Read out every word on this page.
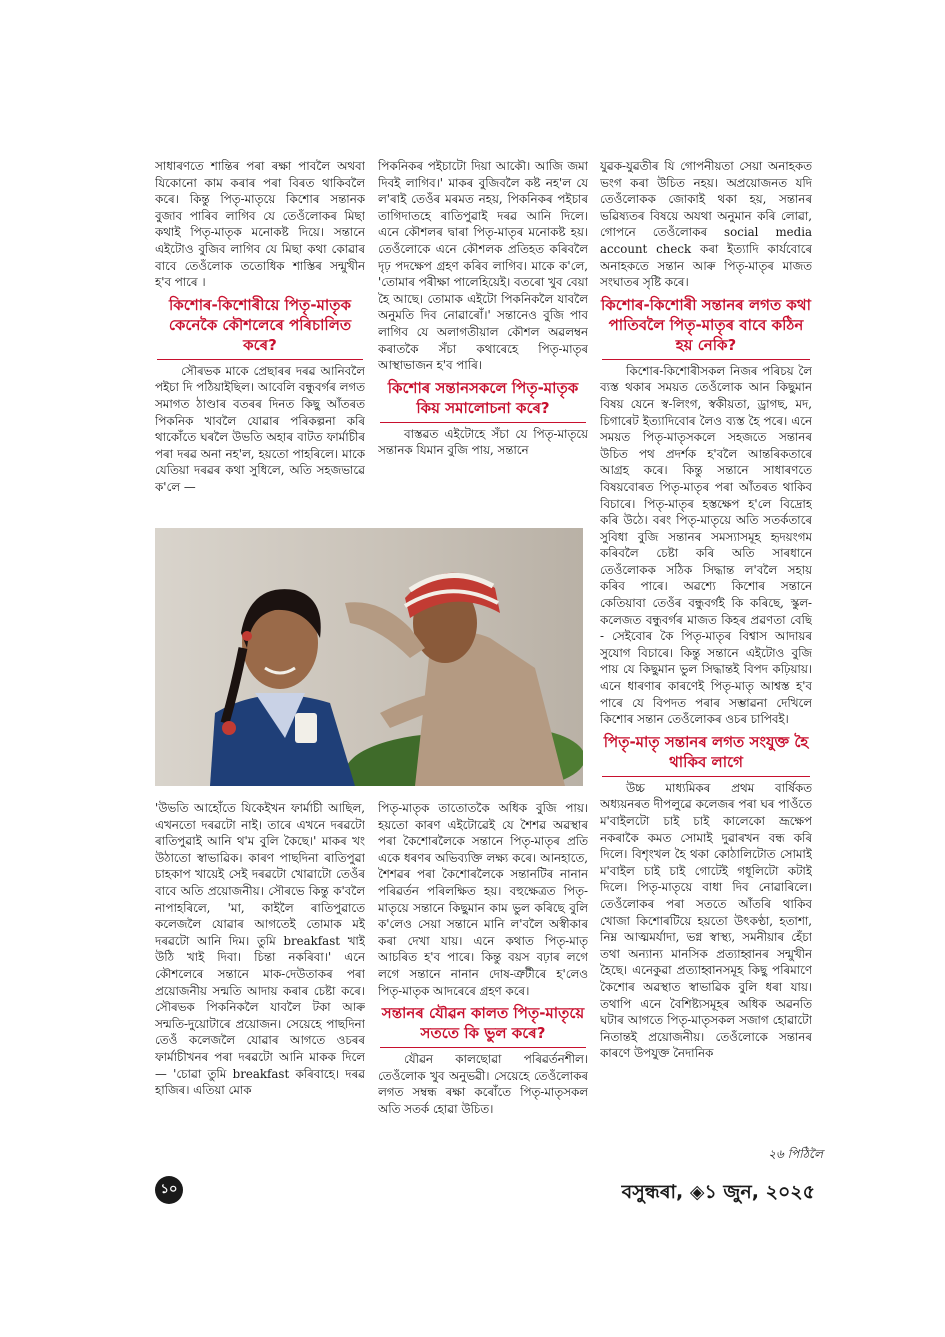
সাধাৰণতে শান্তিৰ পৰা ৰক্ষা পাবলৈ অথবা যিকোনো কাম কৰাৰ পৰা বিৰত থাকিবলৈ কৰে। কিন্তু পিতৃ-মাতৃয়ে কিশোৰ সন্তানক বুজাব পাৰিব লাগিব যে তেওঁলোকৰ মিছা কথাই পিতৃ-মাতৃক মনোকষ্ট দিয়ে। সন্তানে এইটোও বুজিব লাগিব যে মিছা কথা কোৱাৰ বাবে তেওঁলোক ততোধিক শাস্তিৰ সন্মুখীন হ'ব পাৰে ।

কিশোৰ-কিশোৰীয়ে পিতৃ-মাতৃক কেনেকৈ কৌশলেৰে পৰিচালিত কৰে?

সৌৰভক মাকে প্ৰেছাৰৰ দৰৱ আনিবলৈ পইচা দি পঠিয়াইছিল। আবেলি বন্ধুবৰ্গৰ লগত সমাগত ঠাণ্ডাৰ বতৰৰ দিনত কিছু আঁতৰত পিকনিক খাবলৈ যোৱাৰ পৰিকল্পনা কৰি থাকোঁতে ঘৰলৈ উভতি অহাৰ বাটত ফাৰ্মাচীৰ পৰা দৰৱ অনা নহ'ল, হয়তো পাহৰিলে। মাকে যেতিয়া দৰৱৰ কথা সুধিলে, অতি সহজভাৱে ক'লে —

পিকনিকৰ পইচাটো দিয়া আকৌ। আজি জমা দিবই লাগিব।' মাকৰ বুজিবলৈ কষ্ট নহ'ল যে ল'ৰাই তেওঁৰ মৰমত নহয়, পিকনিকৰ পইচাৰ তাগিদাতহে ৰাতিপুৱাই দৰৱ আনি দিলে। এনে কৌশলৰ দ্বাৰা পিতৃ-মাতৃৰ মনোকষ্ট হয়। তেওঁলোকে এনে কৌশলক প্ৰতিহত কৰিবলৈ দৃঢ় পদক্ষেপ গ্ৰহণ কৰিব লাগিব। মাকে ক'লে, 'তোমাৰ পৰীক্ষা পালেহিয়েই। বতৰো খুব বেয়া হৈ আছে। তোমাক এইটো পিকনিকলৈ যাবলৈ অনুমতি দিব নোৱাৰোঁ।' সন্তানেও বুজি পাব লাগিব যে অলাগতীয়াল কৌশল অৱলম্বন কৰাতকৈ সঁচা কথাৰেহে পিতৃ-মাতৃৰ আস্থাভাজন হ'ব পাৰি।

কিশোৰ সন্তানসকলে পিতৃ-মাতৃক কিয় সমালোচনা কৰে?

বাস্তৱত এইটোহে সঁচা যে পিতৃ-মাতৃয়ে সন্তানক যিমান বুজি পায়, সন্তানে

যুৱক-যুৱতীৰ যি গোপনীয়তা সেয়া অনাহকত ভংগ কৰা উচিত নহয়। অপ্ৰয়োজনত যদি তেওঁলোকক জোকাই থকা হয়, সন্তানৰ ভৱিষ্যতৰ বিষয়ে অযথা অনুমান কৰি লোৱা, গোপনে তেওঁলোকৰ social media account check কৰা ইত্যাদি কাৰ্যবোৰে অনাহকতে সন্তান আৰু পিতৃ-মাতৃৰ মাজত সংঘাতৰ সৃষ্টি কৰে।

কিশোৰ-কিশোৰী সন্তানৰ লগত কথা পাতিবলৈ পিতৃ-মাতৃৰ বাবে কঠিন হয় নেকি?

কিশোৰ-কিশোৰীসকল নিজৰ পৰিচয় লৈ ব্যস্ত থকাৰ সময়ত তেওঁলোক আন কিছুমান বিষয় যেনে স্ব-লিংগ, স্বকীয়তা, ড্ৰাগছ, মদ, চিগাৰেট ইত্যাদিবোৰ লৈও ব্যস্ত হৈ পৰে। এনে সময়ত পিতৃ-মাতৃসকলে সহজতে সন্তানৰ উচিত পথ প্ৰদৰ্শক হ'বলৈ আন্তৰিকতাৰে আগ্ৰহ কৰে। কিন্তু সন্তানে সাধাৰণতে বিষয়বোৰত পিতৃ-মাতৃৰ পৰা আঁতৰত থাকিব বিচাৰে। পিতৃ-মাতৃৰ হস্তক্ষেপ হ'লে বিদ্ৰোহ কৰি উঠে। বৰং পিতৃ-মাতৃয়ে অতি সতৰ্কতাৰে সুবিধা বুজি সন্তানৰ সমস্যাসমূহ হৃদয়ংগম কৰিবলৈ চেষ্টা কৰি অতি সাৰধানে তেওঁলোকক সঠিক সিদ্ধান্ত ল'বলৈ সহায় কৰিব পাৰে। অৱশ্যে কিশোৰ সন্তানে কেতিয়াবা তেওঁৰ বন্ধুবৰ্গই কি কৰিছে, স্কুল-কলেজত বন্ধুবৰ্গৰ মাজত কিহৰ প্ৰৱণতা বেছি - সেইবোৰ কৈ পিতৃ-মাতৃৰ বিশ্বাস আদায়ৰ সুযোগ বিচাৰে। কিন্তু সন্তানে এইটোও বুজি পায় যে কিছুমান ভুল সিদ্ধান্তই বিপদ কঢ়িয়ায়। এনে ধাৰণাৰ কাৰণেই পিতৃ-মাতৃ আশ্বস্ত হ'ব পাৰে যে বিপদত পৰাৰ সম্ভাৱনা দেখিলে কিশোৰ সন্তান তেওঁলোকৰ ওচৰ চাপিবই।

পিতৃ-মাতৃ সন্তানৰ লগত সংযুক্ত হৈ থাকিব লাগে

উচ্চ মাধ্যমিকৰ প্ৰথম বাৰ্ষিকত অধ্যয়নৰত দীপলুৱে কলেজৰ পৰা ঘৰ পাওঁতে ম'বাইলটো চাই চাই কালেকো ভ্ৰূক্ষেপ নকৰাকৈ কমত সোমাই দুৱাৰখন বন্ধ কৰি দিলে। বিশৃংখল হৈ থকা কোঠালিটোত সোমাই ম'বাইল চাই চাই গোটেই গধূলিটো কটাই দিলে। পিতৃ-মাতৃয়ে বাধা দিব নোৱাৰিলে। তেওঁলোকৰ পৰা সততে আঁতৰি থাকিব খোজা কিশোৰটিয়ে হয়তো উৎকণ্ঠা, হতাশা, নিম্ন আত্মমৰ্যাদা, ভগ্ন স্বাস্থ্য, সমনীয়াৰ হেঁচা তথা অন্যান্য মানসিক প্ৰত্যাহ্বানৰ সন্মুখীন হৈছে। এনেকুৱা প্ৰত্যাহ্বানসমূহ কিছু পৰিমাণে কৈশোৰ অৱস্থাত স্বাভাৱিক বুলি ধৰা যায়। তথাপি এনে বৈশিষ্ট্যসমূহৰ অধিক অৱনতি ঘটাৰ আগতে পিতৃ-মাতৃসকল সজাগ হোৱাটো নিতান্তই প্ৰয়োজনীয়। তেওঁলোকে সন্তানৰ কাৰণে উপযুক্ত নৈদানিক

'উভতি আহোঁতে যিকেইখন ফাৰ্মাচী আছিল, এখনতো দৰৱটো নাই। তাৰে এখনে দৰৱটো ৰাতিপুৱাই আনি থ'ম বুলি কৈছে।' মাকৰ খং উঠাতো স্বাভাৱিক। কাৰণ পাছদিনা ৰাতিপুৱা চাহকাপ খায়েই সেই দৰৱটো খোৱাটো তেওঁৰ বাবে অতি প্ৰয়োজনীয়। সৌৰভে কিন্তু ক'বলৈ নাপাহৰিলে, 'মা, কাইলৈ ৰাতিপুৱাতে কলেজলৈ যোৱাৰ আগতেই তোমাক মই দৰৱটো আনি দিম। তুমি breakfast খাই উঠি খাই দিবা। চিন্তা নকৰিবা।' এনে কৌশলেৰে সন্তানে মাক-দেউতাকৰ পৰা প্ৰয়োজনীয় সন্মতি আদায় কৰাৰ চেষ্টা কৰে। সৌৰভক পিকনিকলৈ যাবলৈ টকা আৰু সন্মতি-দুয়োটাৰে প্ৰয়োজন। সেয়েহে পাছদিনা তেওঁ কলেজলৈ যোৱাৰ আগতে ওচৰৰ ফাৰ্মাচীখনৰ পৰা দৰৱটো আনি মাকক দিলে — 'চোৱা তুমি breakfast কৰিবাহে। দৰৱ হাজিৰ। এতিয়া মোক

পিতৃ-মাতৃক তাতোতকৈ অধিক বুজি পায়। হয়তো কাৰণ এইটোৱেই যে শৈশৱ অৱস্থাৰ পৰা কৈশোৰলৈকে সন্তানে পিতৃ-মাতৃৰ প্ৰতি একে ধৰণৰ অভিব্যক্তি লক্ষ্য কৰে। আনহাতে, শৈশৱৰ পৰা কৈশোৰলৈকে সন্তানটিৰ নানান পৰিৱৰ্তন পৰিলক্ষিত হয়। বহুক্ষেত্ৰত পিতৃ-মাতৃয়ে সন্তানে কিছুমান কাম ভুল কৰিছে বুলি ক'লেও সেয়া সন্তানে মানি ল'বলৈ অস্বীকাৰ কৰা দেখা যায়। এনে কথাত পিতৃ-মাতৃ আচৰিত হ'ব পাৰে। কিন্তু বয়স বঢ়াৰ লগে লগে সন্তানে নানান দোষ-ত্ৰুটীৰে হ'লেও পিতৃ-মাতৃক আদৰেৰে গ্ৰহণ কৰে।

সন্তানৰ যৌৱন কালত পিতৃ-মাতৃয়ে সততে কি ভুল কৰে?

যৌৱন কালছোৱা পৰিৱৰ্তনশীল। তেওঁলোক খুব অনুভৱী। সেয়েহে তেওঁলোকৰ লগত সম্বন্ধ ৰক্ষা কৰোঁতে পিতৃ-মাতৃসকল অতি সতৰ্ক হোৱা উচিত।

২৬ পিঠিলৈ
১০	বসুন্ধৰা, ◈১ জুন, ২০২৫
